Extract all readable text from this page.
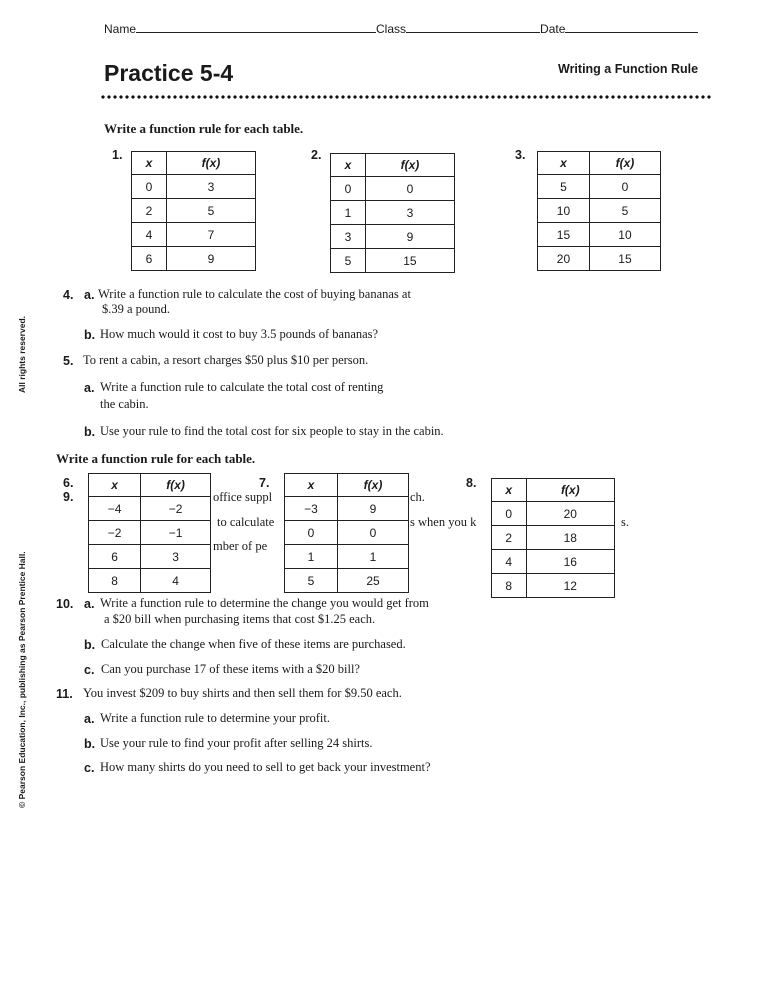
Name	Class	Date
Practice 5-4	Writing a Function Rule
Write a function rule for each table.
1.
x	f(x)
0	3
2	5
4	7
6	9
2.
x	f(x)
0	0
1	3
3	9
5	15
3.
x	f(x)
5	0
10	5
15	10
20	15
4. a. Write a function rule to calculate the cost of buying bananas at
$.39 a pound.
b. How much would it cost to buy 3.5 pounds of bananas?
5. To rent a cabin, a resort charges $50 plus $10 per person.
a. Write a function rule to calculate the total cost of renting
the cabin.
b. Use your rule to find the total cost for six people to stay in the cabin.
Write a function rule for each table.
9.	office suppl	ch.
to calculate	s when you k	s.
mber of pe
6.	x	f(x)
−4	−2
−2	−1
6	3
8	4
7.	x	f(x)
−3	9
0	0
1	1
5	25
8. x	f(x)
0	20
2	18
4	16
8	12
10. a. Write a function rule to determine the change you would get from
a $20 bill when purchasing items that cost $1.25 each.
b. Calculate the change when five of these items are purchased.
c. Can you purchase 17 of these items with a $20 bill?
11. You invest $209 to buy shirts and then sell them for $9.50 each.
a. Write a function rule to determine your profit.
b. Use your rule to find your profit after selling 24 shirts.
c. How many shirts do you need to sell to get back your investment?
All rights reserved.
© Pearson Education, Inc., publishing as Pearson Prentice Hall.
